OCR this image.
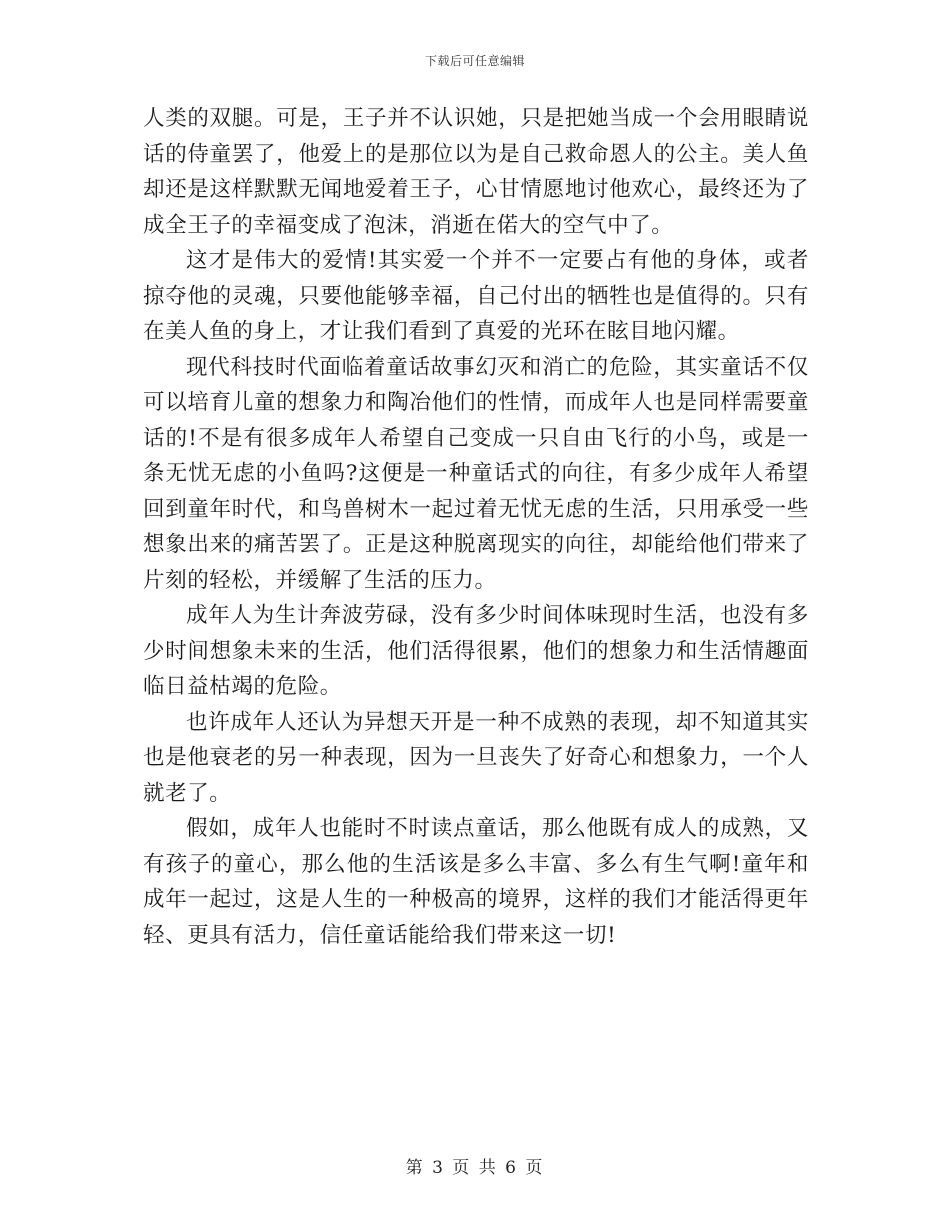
下载后可任意编辑

人类的双腿。可是，王子并不认识她，只是把她当成一个会用眼睛说话的侍童罢了，他爱上的是那位以为是自己救命恩人的公主。美人鱼却还是这样默默无闻地爱着王子，心甘情愿地讨他欢心，最终还为了成全王子的幸福变成了泡沫，消逝在偌大的空气中了。

这才是伟大的爱情!其实爱一个并不一定要占有他的身体，或者掠夺他的灵魂，只要他能够幸福，自己付出的牺牲也是值得的。只有在美人鱼的身上，才让我们看到了真爱的光环在眩目地闪耀。

现代科技时代面临着童话故事幻灭和消亡的危险，其实童话不仅可以培育儿童的想象力和陶冶他们的性情，而成年人也是同样需要童话的!不是有很多成年人希望自己变成一只自由飞行的小鸟，或是一条无忧无虑的小鱼吗?这便是一种童话式的向往，有多少成年人希望回到童年时代，和鸟兽树木一起过着无忧无虑的生活，只用承受一些想象出来的痛苦罢了。正是这种脱离现实的向往，却能给他们带来了片刻的轻松，并缓解了生活的压力。

成年人为生计奔波劳碌，没有多少时间体味现时生活，也没有多少时间想象未来的生活，他们活得很累，他们的想象力和生活情趣面临日益枯竭的危险。

也许成年人还认为异想天开是一种不成熟的表现，却不知道其实也是他衰老的另一种表现，因为一旦丧失了好奇心和想象力，一个人就老了。

假如，成年人也能时不时读点童话，那么他既有成人的成熟，又有孩子的童心，那么他的生活该是多么丰富、多么有生气啊!童年和成年一起过，这是人生的一种极高的境界，这样的我们才能活得更年轻、更具有活力，信任童话能给我们带来这一切!

第 3 页 共 6 页
